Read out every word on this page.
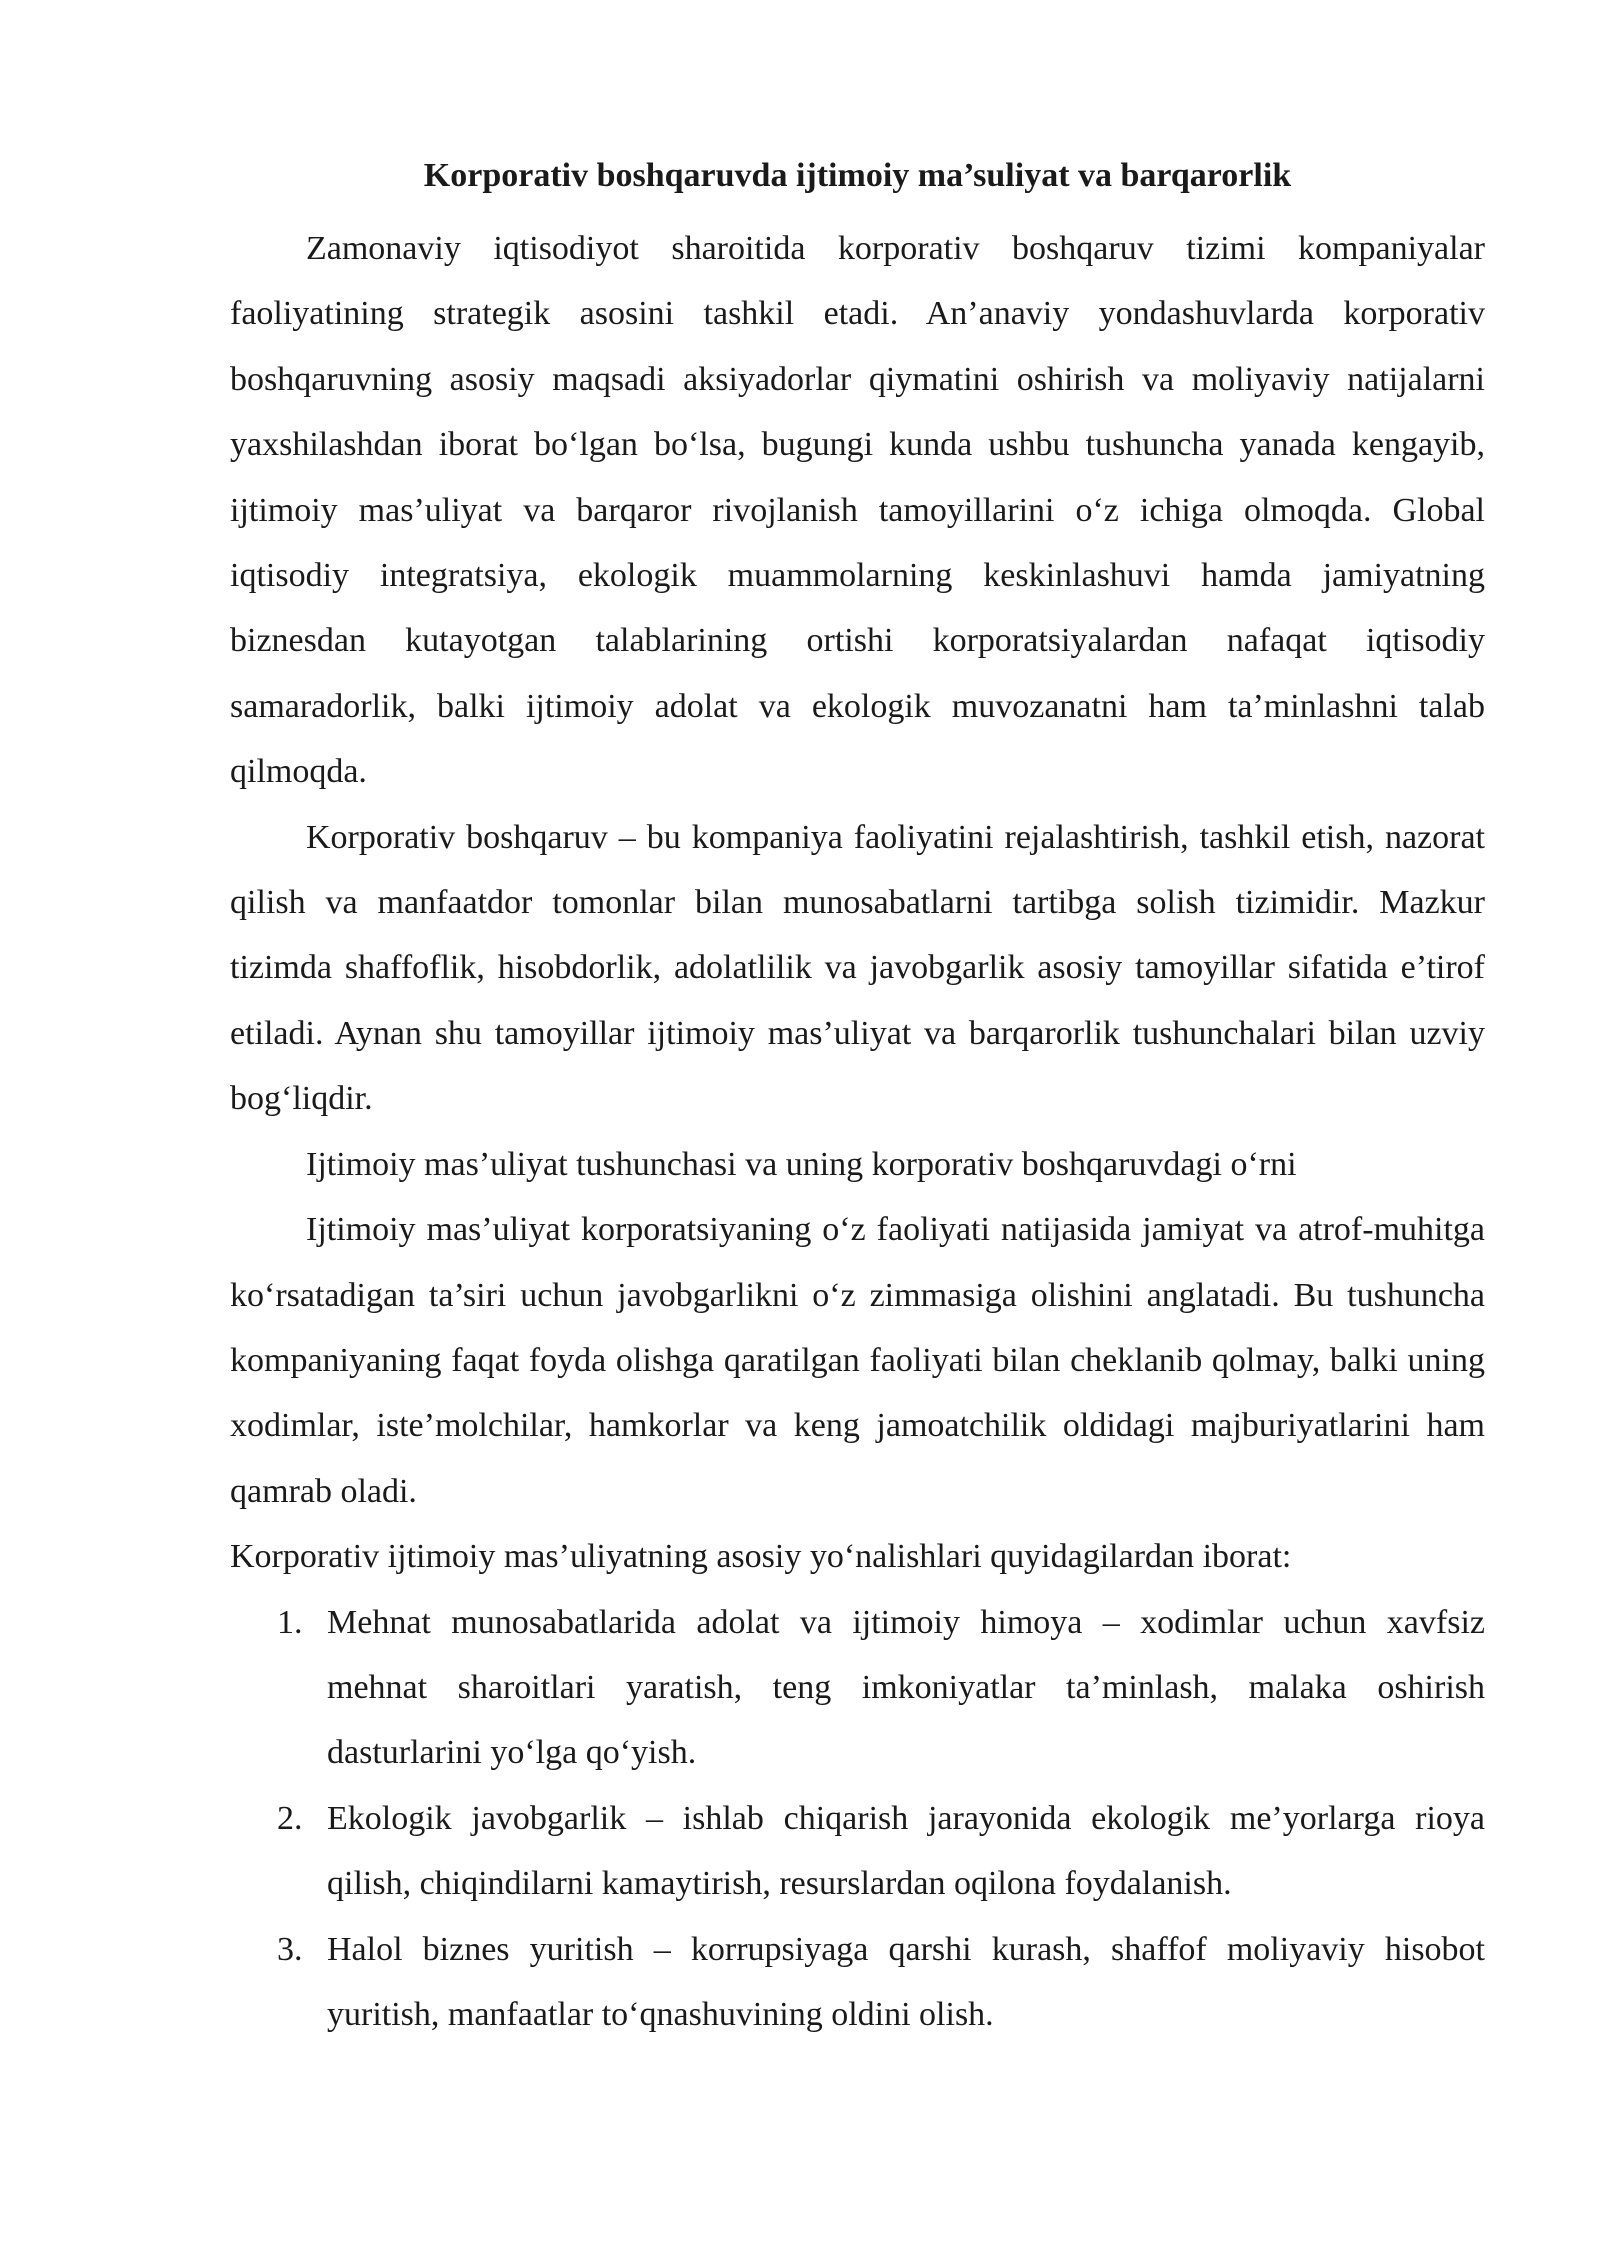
Korporativ boshqaruvda ijtimoiy ma’suliyat va barqarorlik

Zamonaviy iqtisodiyot sharoitida korporativ boshqaruv tizimi kompaniyalar faoliyatining strategik asosini tashkil etadi. An’anaviy yondashuvlarda korporativ boshqaruvning asosiy maqsadi aksiyadorlar qiymatini oshirish va moliyaviy natijalarni yaxshilashdan iborat boʻlgan boʻlsa, bugungi kunda ushbu tushuncha yanada kengayib, ijtimoiy mas’uliyat va barqaror rivojlanish tamoyillarini oʻz ichiga olmoqda. Global iqtisodiy integratsiya, ekologik muammolarning keskinlashuvi hamda jamiyatning biznesdan kutayotgan talablarining ortishi korporatsiyalardan nafaqat iqtisodiy samaradorlik, balki ijtimoiy adolat va ekologik muvozanatni ham ta’minlashni talab qilmoqda.

Korporativ boshqaruv – bu kompaniya faoliyatini rejalashtirish, tashkil etish, nazorat qilish va manfaatdor tomonlar bilan munosabatlarni tartibga solish tizimidir. Mazkur tizimda shaffoflik, hisobdorlik, adolatlilik va javobgarlik asosiy tamoyillar sifatida e’tirof etiladi. Aynan shu tamoyillar ijtimoiy mas’uliyat va barqarorlik tushunchalari bilan uzviy bogʻliqdir.

Ijtimoiy mas’uliyat tushunchasi va uning korporativ boshqaruvdagi oʻrni

Ijtimoiy mas’uliyat korporatsiyaning oʻz faoliyati natijasida jamiyat va atrof-muhitga koʻrsatadigan ta’siri uchun javobgarlikni oʻz zimmasiga olishini anglatadi. Bu tushuncha kompaniyaning faqat foyda olishga qaratilgan faoliyati bilan cheklanib qolmay, balki uning xodimlar, iste’molchilar, hamkorlar va keng jamoatchilik oldidagi majburiyatlarini ham qamrab oladi.

Korporativ ijtimoiy mas’uliyatning asosiy yoʻnalishlari quyidagilardan iborat:

1. Mehnat munosabatlarida adolat va ijtimoiy himoya – xodimlar uchun xavfsiz mehnat sharoitlari yaratish, teng imkoniyatlar ta’minlash, malaka oshirish dasturlarini yoʻlga qoʻyish.
2. Ekologik javobgarlik – ishlab chiqarish jarayonida ekologik me’yorlarga rioya qilish, chiqindilarni kamaytirish, resurslardan oqilona foydalanish.
3. Halol biznes yuritish – korrupsiyaga qarshi kurash, shaffof moliyaviy hisobot yuritish, manfaatlar toʻqnashuvining oldini olish.
